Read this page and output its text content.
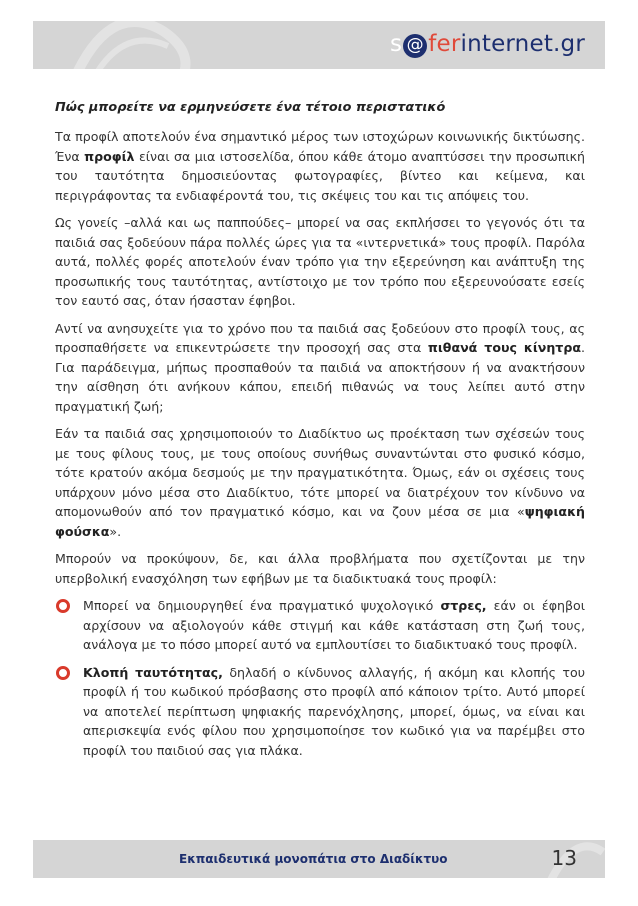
s @ ferinternet.gr
Πώς μπορείτε να ερμηνεύσετε ένα τέτοιο περιστατικό

Τα προφίλ αποτελούν ένα σημαντικό μέρος των ιστοχώρων κοινωνικής δικτύωσης. Ένα προφίλ είναι σα μια ιστοσελίδα, όπου κάθε άτομο αναπτύσσει την προσωπική του ταυτότητα δημοσιεύοντας φωτογραφίες, βίντεο και κείμενα, και περιγράφοντας τα ενδιαφέροντά του, τις σκέψεις του και τις απόψεις του.

Ως γονείς –αλλά και ως παππούδες– μπορεί να σας εκπλήσσει το γεγονός ότι τα παιδιά σας ξοδεύουν πάρα πολλές ώρες για τα «ιντερνετικά» τους προφίλ. Παρόλα αυτά, πολλές φορές αποτελούν έναν τρόπο για την εξερεύνηση και ανάπτυξη της προσωπικής τους ταυτότητας, αντίστοιχο με τον τρόπο που εξερευνούσατε εσείς τον εαυτό σας, όταν ήσασταν έφηβοι.

Αντί να ανησυχείτε για το χρόνο που τα παιδιά σας ξοδεύουν στο προφίλ τους, ας προσπαθήσετε να επικεντρώσετε την προσοχή σας στα πιθανά τους κίνητρα. Για παράδειγμα, μήπως προσπαθούν τα παιδιά να αποκτήσουν ή να ανακτήσουν την αίσθηση ότι ανήκουν κάπου, επειδή πιθανώς να τους λείπει αυτό στην πραγματική ζωή;

Εάν τα παιδιά σας χρησιμοποιούν το Διαδίκτυο ως προέκταση των σχέσεών τους με τους φίλους τους, με τους οποίους συνήθως συναντώνται στο φυσικό κόσμο, τότε κρατούν ακόμα δεσμούς με την πραγματικότητα. Όμως, εάν οι σχέσεις τους υπάρχουν μόνο μέσα στο Διαδίκτυο, τότε μπορεί να διατρέχουν τον κίνδυνο να απομονωθούν από τον πραγματικό κόσμο, και να ζουν μέσα σε μια «ψηφιακή φούσκα».

Μπορούν να προκύψουν, δε, και άλλα προβλήματα που σχετίζονται με την υπερβολική ενασχόληση των εφήβων με τα διαδικτυακά τους προφίλ:

Μπορεί να δημιουργηθεί ένα πραγματικό ψυχολογικό στρες, εάν οι έφηβοι αρχίσουν να αξιολογούν κάθε στιγμή και κάθε κατάσταση στη ζωή τους, ανάλογα με το πόσο μπορεί αυτό να εμπλουτίσει το διαδικτυακό τους προφίλ.
Κλοπή ταυτότητας, δηλαδή ο κίνδυνος αλλαγής, ή ακόμη και κλοπής του προφίλ ή του κωδικού πρόσβασης στο προφίλ από κάποιον τρίτο. Αυτό μπορεί να αποτελεί περίπτωση ψηφιακής παρενόχλησης, μπορεί, όμως, να είναι και απερισκεψία ενός φίλου που χρησιμοποίησε τον κωδικό για να παρέμβει στο προφίλ του παιδιού σας για πλάκα.
Εκπαιδευτικά μονοπάτια στο Διαδίκτυο	13
